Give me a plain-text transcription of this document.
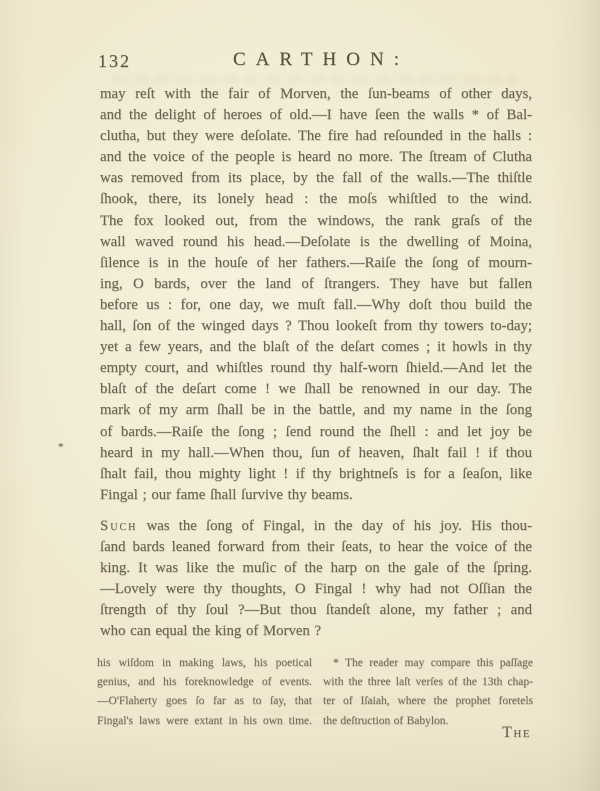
132	CARTHON:
may reſt with the fair of Morven, the ſun-beams of other days,
and the delight of heroes of old.—I have ſeen the walls * of Bal-
clutha, but they were deſolate. The fire had reſounded in the halls :
and the voice of the people is heard no more. The ſtream of Clutha
was removed from its place, by the fall of the walls.—The thiſtle
ſhook, there, its lonely head : the moſs whiſtled to the wind.
The fox looked out, from the windows, the rank graſs of the
wall waved round his head.—Deſolate is the dwelling of Moina,
ſilence is in the houſe of her fathers.—Raiſe the ſong of mourn-
ing, O bards, over the land of ſtrangers. They have but fallen
before us : for, one day, we muſt fall.—Why doſt thou build the
hall, ſon of the winged days ? Thou lookeſt from thy towers to-day;
yet a few years, and the blaſt of the deſart comes ; it howls in thy
empty court, and whiſtles round thy half-worn ſhield.—And let the
blaſt of the deſart come ! we ſhall be renowned in our day. The
mark of my arm ſhall be in the battle, and my name in the ſong
of bards.—Raiſe the ſong ; ſend round the ſhell : and let joy be
heard in my hall.—When thou, ſun of heaven, ſhalt fail ! if thou
ſhalt fail, thou mighty light ! if thy brightneſs is for a ſeaſon, like
Fingal ; our fame ſhall ſurvive thy beams.
Such was the ſong of Fingal, in the day of his joy. His thou-
ſand bards leaned forward from their ſeats, to hear the voice of the
king. It was like the muſic of the harp on the gale of the ſpring.
—Lovely were thy thoughts, O Fingal ! why had not Oſſian the
ſtrength of thy ſoul ?—But thou ſtandeſt alone, my father ; and
who can equal the king of Morven ?
*
his wiſdom in making laws, his poetical
genius, and his foreknowledge of events.
—O'Flaherty goes ſo far as to ſay, that
Fingal's laws were extant in his own time.
* The reader may compare this paſſage
with the three laſt verſes of the 13th chap-
ter of Iſaiah, where the prophet foretels
the deſtruction of Babylon.
The
